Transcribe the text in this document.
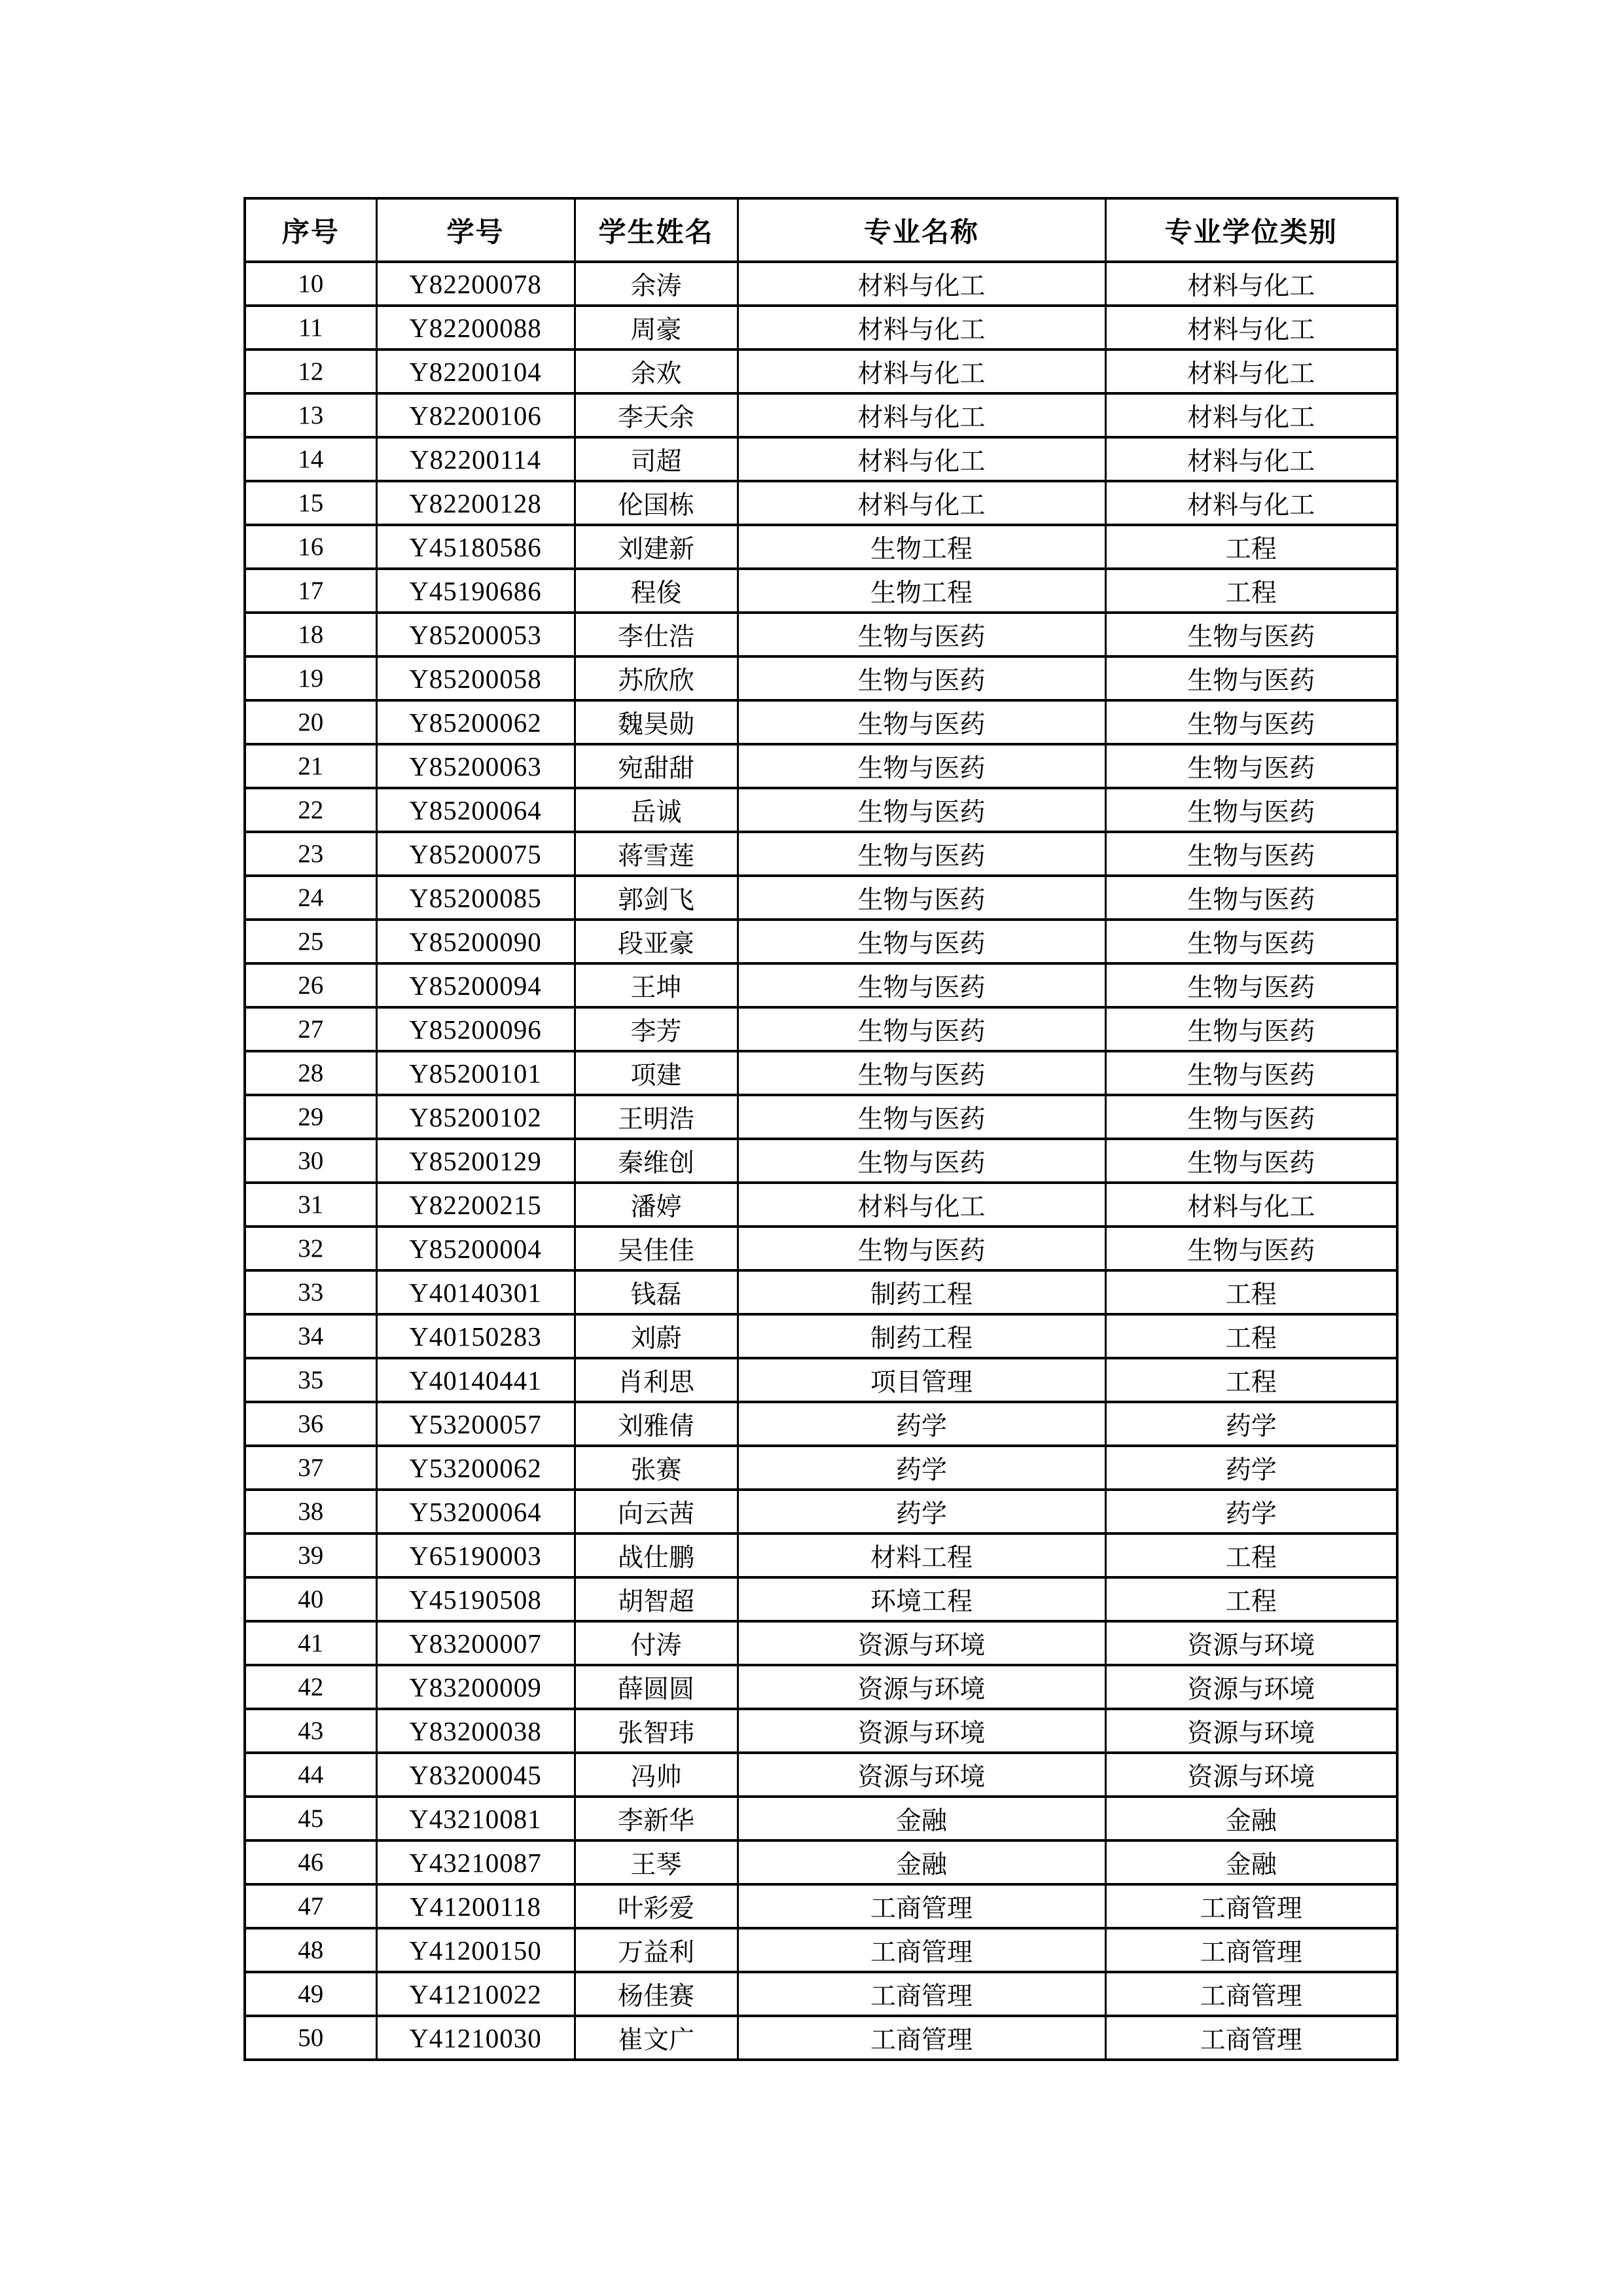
序号	学号	学生姓名	专业名称	专业学位类别
10	Y82200078	余涛	材料与化工	材料与化工
11	Y82200088	周豪	材料与化工	材料与化工
12	Y82200104	余欢	材料与化工	材料与化工
13	Y82200106	李天余	材料与化工	材料与化工
14	Y82200114	司超	材料与化工	材料与化工
15	Y82200128	伦国栋	材料与化工	材料与化工
16	Y45180586	刘建新	生物工程	工程
17	Y45190686	程俊	生物工程	工程
18	Y85200053	李仕浩	生物与医药	生物与医药
19	Y85200058	苏欣欣	生物与医药	生物与医药
20	Y85200062	魏昊勋	生物与医药	生物与医药
21	Y85200063	宛甜甜	生物与医药	生物与医药
22	Y85200064	岳诚	生物与医药	生物与医药
23	Y85200075	蒋雪莲	生物与医药	生物与医药
24	Y85200085	郭剑飞	生物与医药	生物与医药
25	Y85200090	段亚豪	生物与医药	生物与医药
26	Y85200094	王坤	生物与医药	生物与医药
27	Y85200096	李芳	生物与医药	生物与医药
28	Y85200101	项建	生物与医药	生物与医药
29	Y85200102	王明浩	生物与医药	生物与医药
30	Y85200129	秦维创	生物与医药	生物与医药
31	Y82200215	潘婷	材料与化工	材料与化工
32	Y85200004	吴佳佳	生物与医药	生物与医药
33	Y40140301	钱磊	制药工程	工程
34	Y40150283	刘蔚	制药工程	工程
35	Y40140441	肖利思	项目管理	工程
36	Y53200057	刘雅倩	药学	药学
37	Y53200062	张赛	药学	药学
38	Y53200064	向云茜	药学	药学
39	Y65190003	战仕鹏	材料工程	工程
40	Y45190508	胡智超	环境工程	工程
41	Y83200007	付涛	资源与环境	资源与环境
42	Y83200009	薛圆圆	资源与环境	资源与环境
43	Y83200038	张智玮	资源与环境	资源与环境
44	Y83200045	冯帅	资源与环境	资源与环境
45	Y43210081	李新华	金融	金融
46	Y43210087	王琴	金融	金融
47	Y41200118	叶彩爱	工商管理	工商管理
48	Y41200150	万益利	工商管理	工商管理
49	Y41210022	杨佳赛	工商管理	工商管理
50	Y41210030	崔文广	工商管理	工商管理
